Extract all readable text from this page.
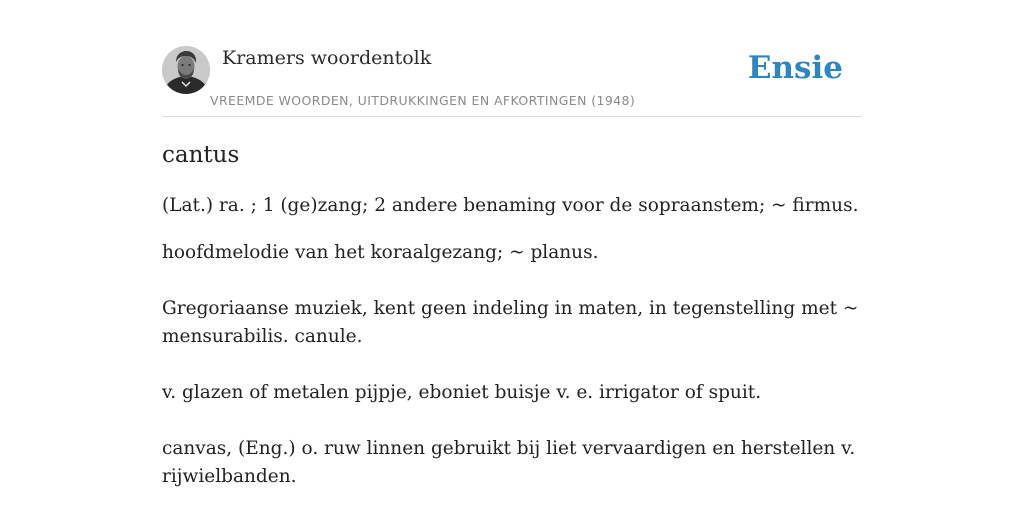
Kramers woordentolk
VREEMDE WOORDEN, UITDRUKKINGEN EN AFKORTINGEN (1948)
Ensie
cantus

(Lat.) ra. ; 1 (ge)zang; 2 andere benaming voor de sopraanstem; ~ firmus.

hoofdmelodie van het koraalgezang; ~ planus.

Gregoriaanse muziek, kent geen indeling in maten, in tegenstelling met ~ mensurabilis. canule.

v. glazen of metalen pijpje, eboniet buisje v. e. irrigator of spuit.

canvas, (Eng.) o. ruw linnen gebruikt bij liet vervaardigen en herstellen v. rijwielbanden.
